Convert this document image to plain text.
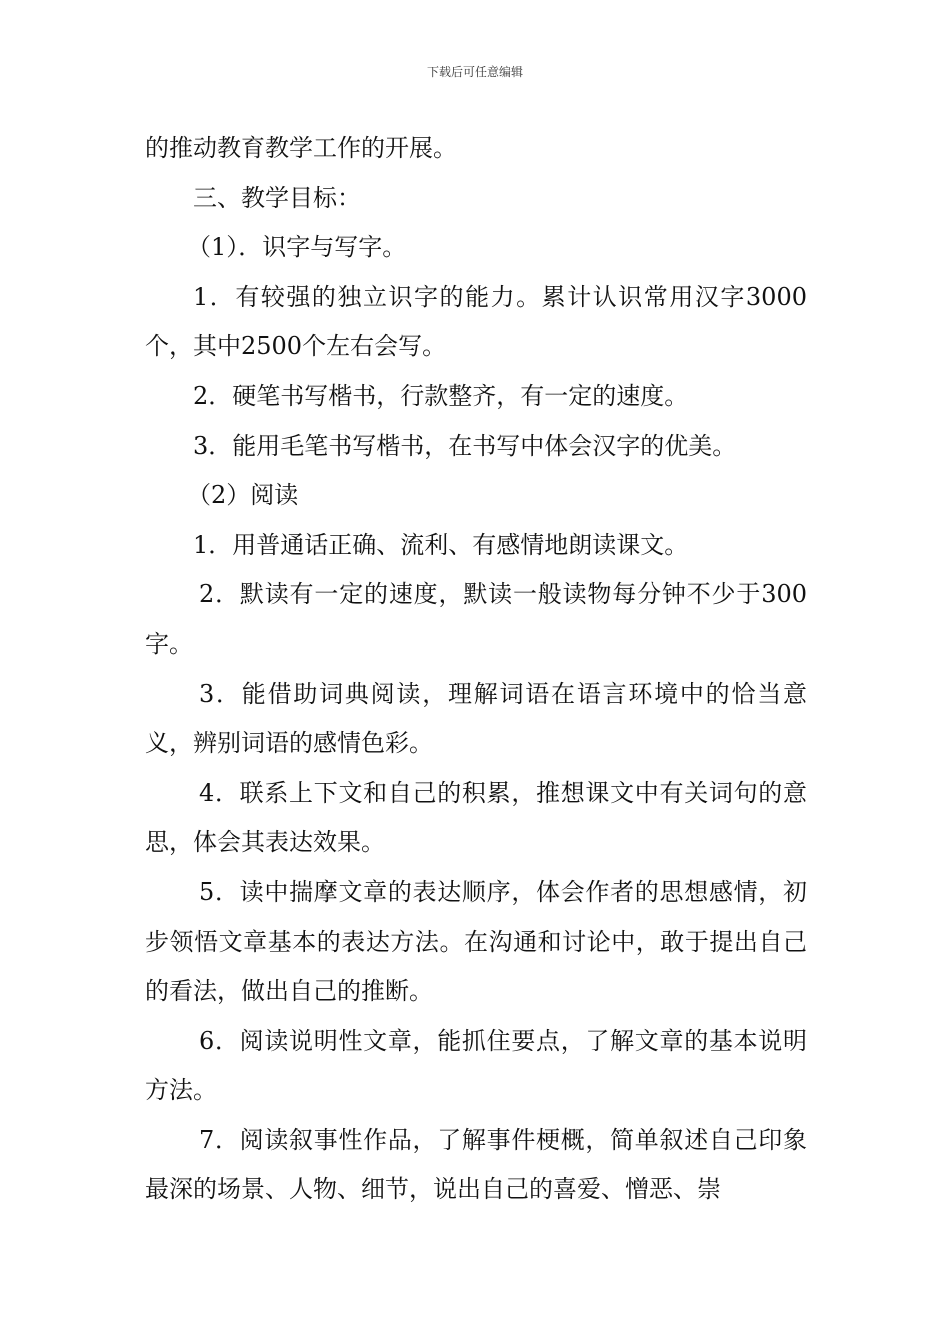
下载后可任意编辑

的推动教育教学工作的开展。

三、教学目标：

（1）．识字与写字。

1．有较强的独立识字的能力。累计认识常用汉字3000个，其中2500个左右会写。

2．硬笔书写楷书，行款整齐，有一定的速度。

3．能用毛笔书写楷书，在书写中体会汉字的优美。

（2）阅读

1．用普通话正确、流利、有感情地朗读课文。

2．默读有一定的速度，默读一般读物每分钟不少于300字。

3．能借助词典阅读，理解词语在语言环境中的恰当意义，辨别词语的感情色彩。

4．联系上下文和自己的积累，推想课文中有关词句的意思，体会其表达效果。

5．读中揣摩文章的表达顺序，体会作者的思想感情，初步领悟文章基本的表达方法。在沟通和讨论中，敢于提出自己的看法，做出自己的推断。

6．阅读说明性文章，能抓住要点，了解文章的基本说明方法。

7．阅读叙事性作品，了解事件梗概，简单叙述自己印象最深的场景、人物、细节，说出自己的喜爱、憎恶、崇
